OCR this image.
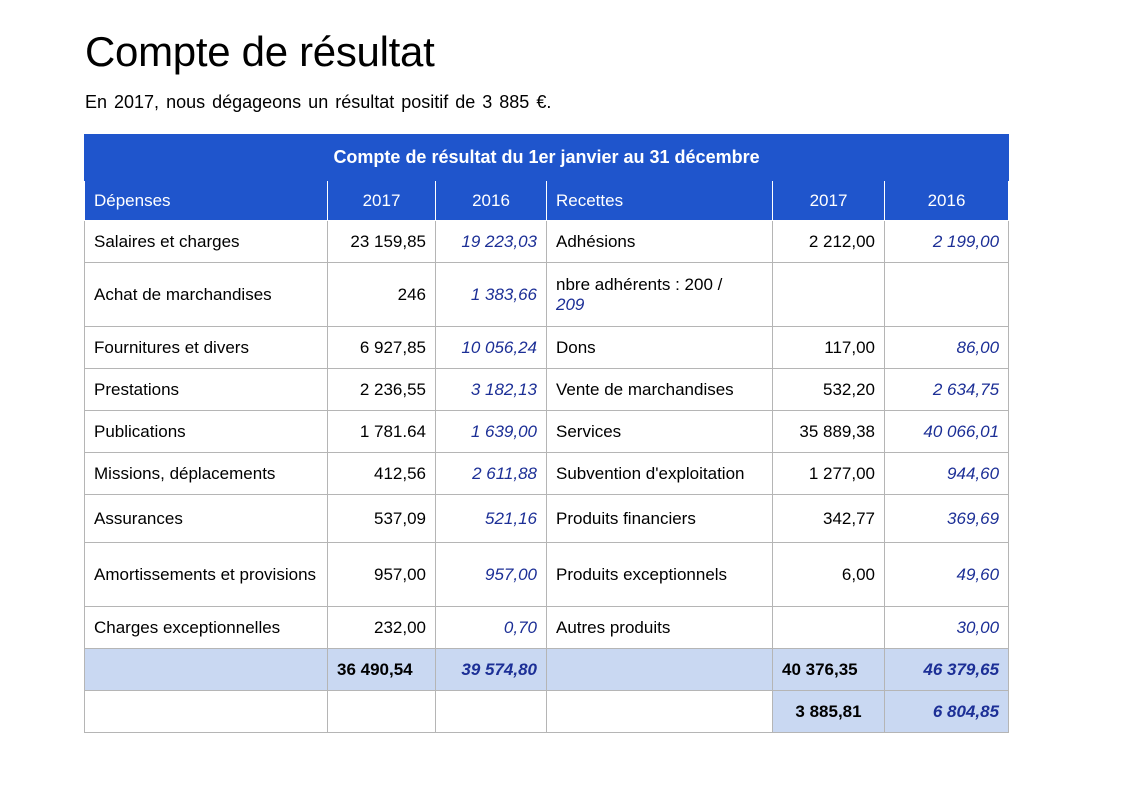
Compte de résultat

En 2017, nous dégageons un résultat positif de 3 885 €.

Compte de résultat du 1er janvier au 31 décembre					
Dépenses	2017	2016	Recettes	2017	2016
Salaires et charges	23 159,85	19 223,03	Adhésions	2 212,00	2 199,00
Achat de marchandises	246	1 383,66	nbre adhérents : 200 /
209		
Fournitures et divers	6 927,85	10 056,24	Dons	117,00	86,00
Prestations	2 236,55	3 182,13	Vente de marchandises	532,20	2 634,75
Publications	1 781.64	1 639,00	Services	35 889,38	40 066,01
Missions, déplacements	412,56	2 611,88	Subvention d'exploitation	1 277,00	944,60
Assurances	537,09	521,16	Produits financiers	342,77	369,69
Amortissements et provisions	957,00	957,00	Produits exceptionnels	6,00	49,60
Charges exceptionnelles	232,00	0,70	Autres produits		30,00
	36 490,54	39 574,80		40 376,35	46 379,65
				3 885,81	6 804,85
